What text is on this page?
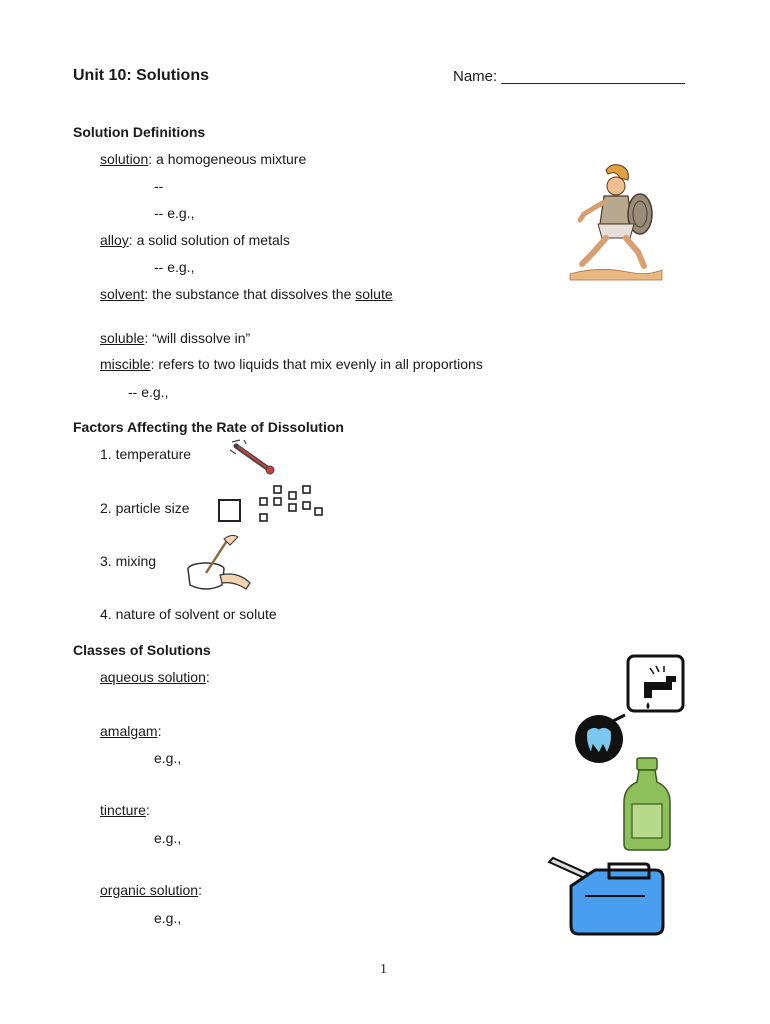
Unit 10: Solutions	Name: ______________________
Solution Definitions
solution: a homogeneous mixture
--
-- e.g.,
alloy: a solid solution of metals
-- e.g.,
solvent: the substance that dissolves the solute
soluble: “will dissolve in”
miscible: refers to two liquids that mix evenly in all proportions
-- e.g.,
Factors Affecting the Rate of Dissolution
1. temperature
2. particle size
3. mixing
4. nature of solvent or solute
Classes of Solutions
aqueous solution:
amalgam:
e.g.,
tincture:
e.g.,
organic solution:
e.g.,
1
